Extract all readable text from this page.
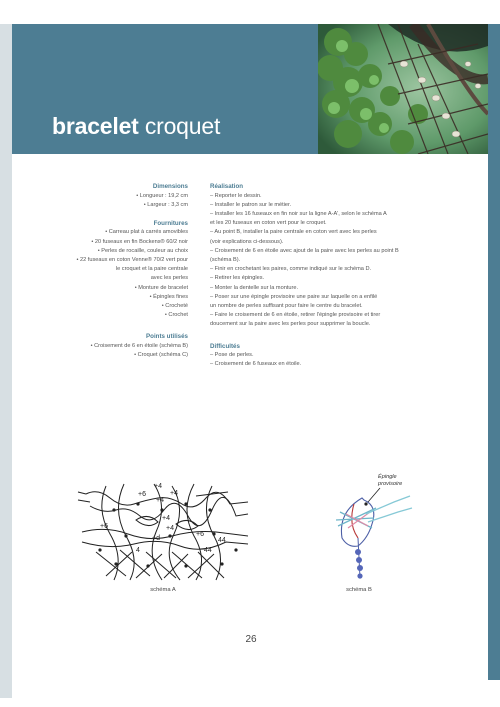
bracelet croquet

Dimensions

• Longueur : 19,2 cm
• Largeur : 3,3 cm

Fournitures

• Carreau plat à carrés amovibles
• 20 fuseaux en fin Bockens® 60/2 noir
• Perles de rocaille, couleur au choix
• 22 fuseaux en coton Venne® 70/2 vert pour
le croquet et la paire centrale
avec les perles
• Monture de bracelet
• Épingles fines
• Crocheté
• Crochet

Points utilisés

• Croisement de 6 en étoile (schéma B)
• Croquet (schéma C)

Réalisation

– Reporter le dessin.
– Installer le patron sur le métier.
– Installer les 16 fuseaux en fin noir sur la ligne A-A', selon le schéma A
et les 20 fuseaux en coton vert pour le croquet.
– Au point B, installer la paire centrale en coton vert avec les perles
(voir explications ci-dessous).
– Croisement de 6 en étoile avec ajout de la paire avec les perles au point B
(schéma B).
– Finir en crochetant les paires, comme indiqué sur le schéma D.
– Retirer les épingles.
– Monter la dentelle sur la monture.
– Poser sur une épingle provisoire une paire sur laquelle on a enfilé
un nombre de perles suffisant pour faire le centre du bracelet.
– Faire le croisement de 6 en étoile, retirer l'épingle provisoire et tirer
doucement sur la paire avec les perles pour supprimer la boucle.

Difficultés

– Pose de perles.
– Croisement de 6 fuseaux en étoile.
+4
+4
+6
+4
+4
44
+6
+4
+d
+6
4	44
Épingle
provisoire

schéma A	schéma B

26
